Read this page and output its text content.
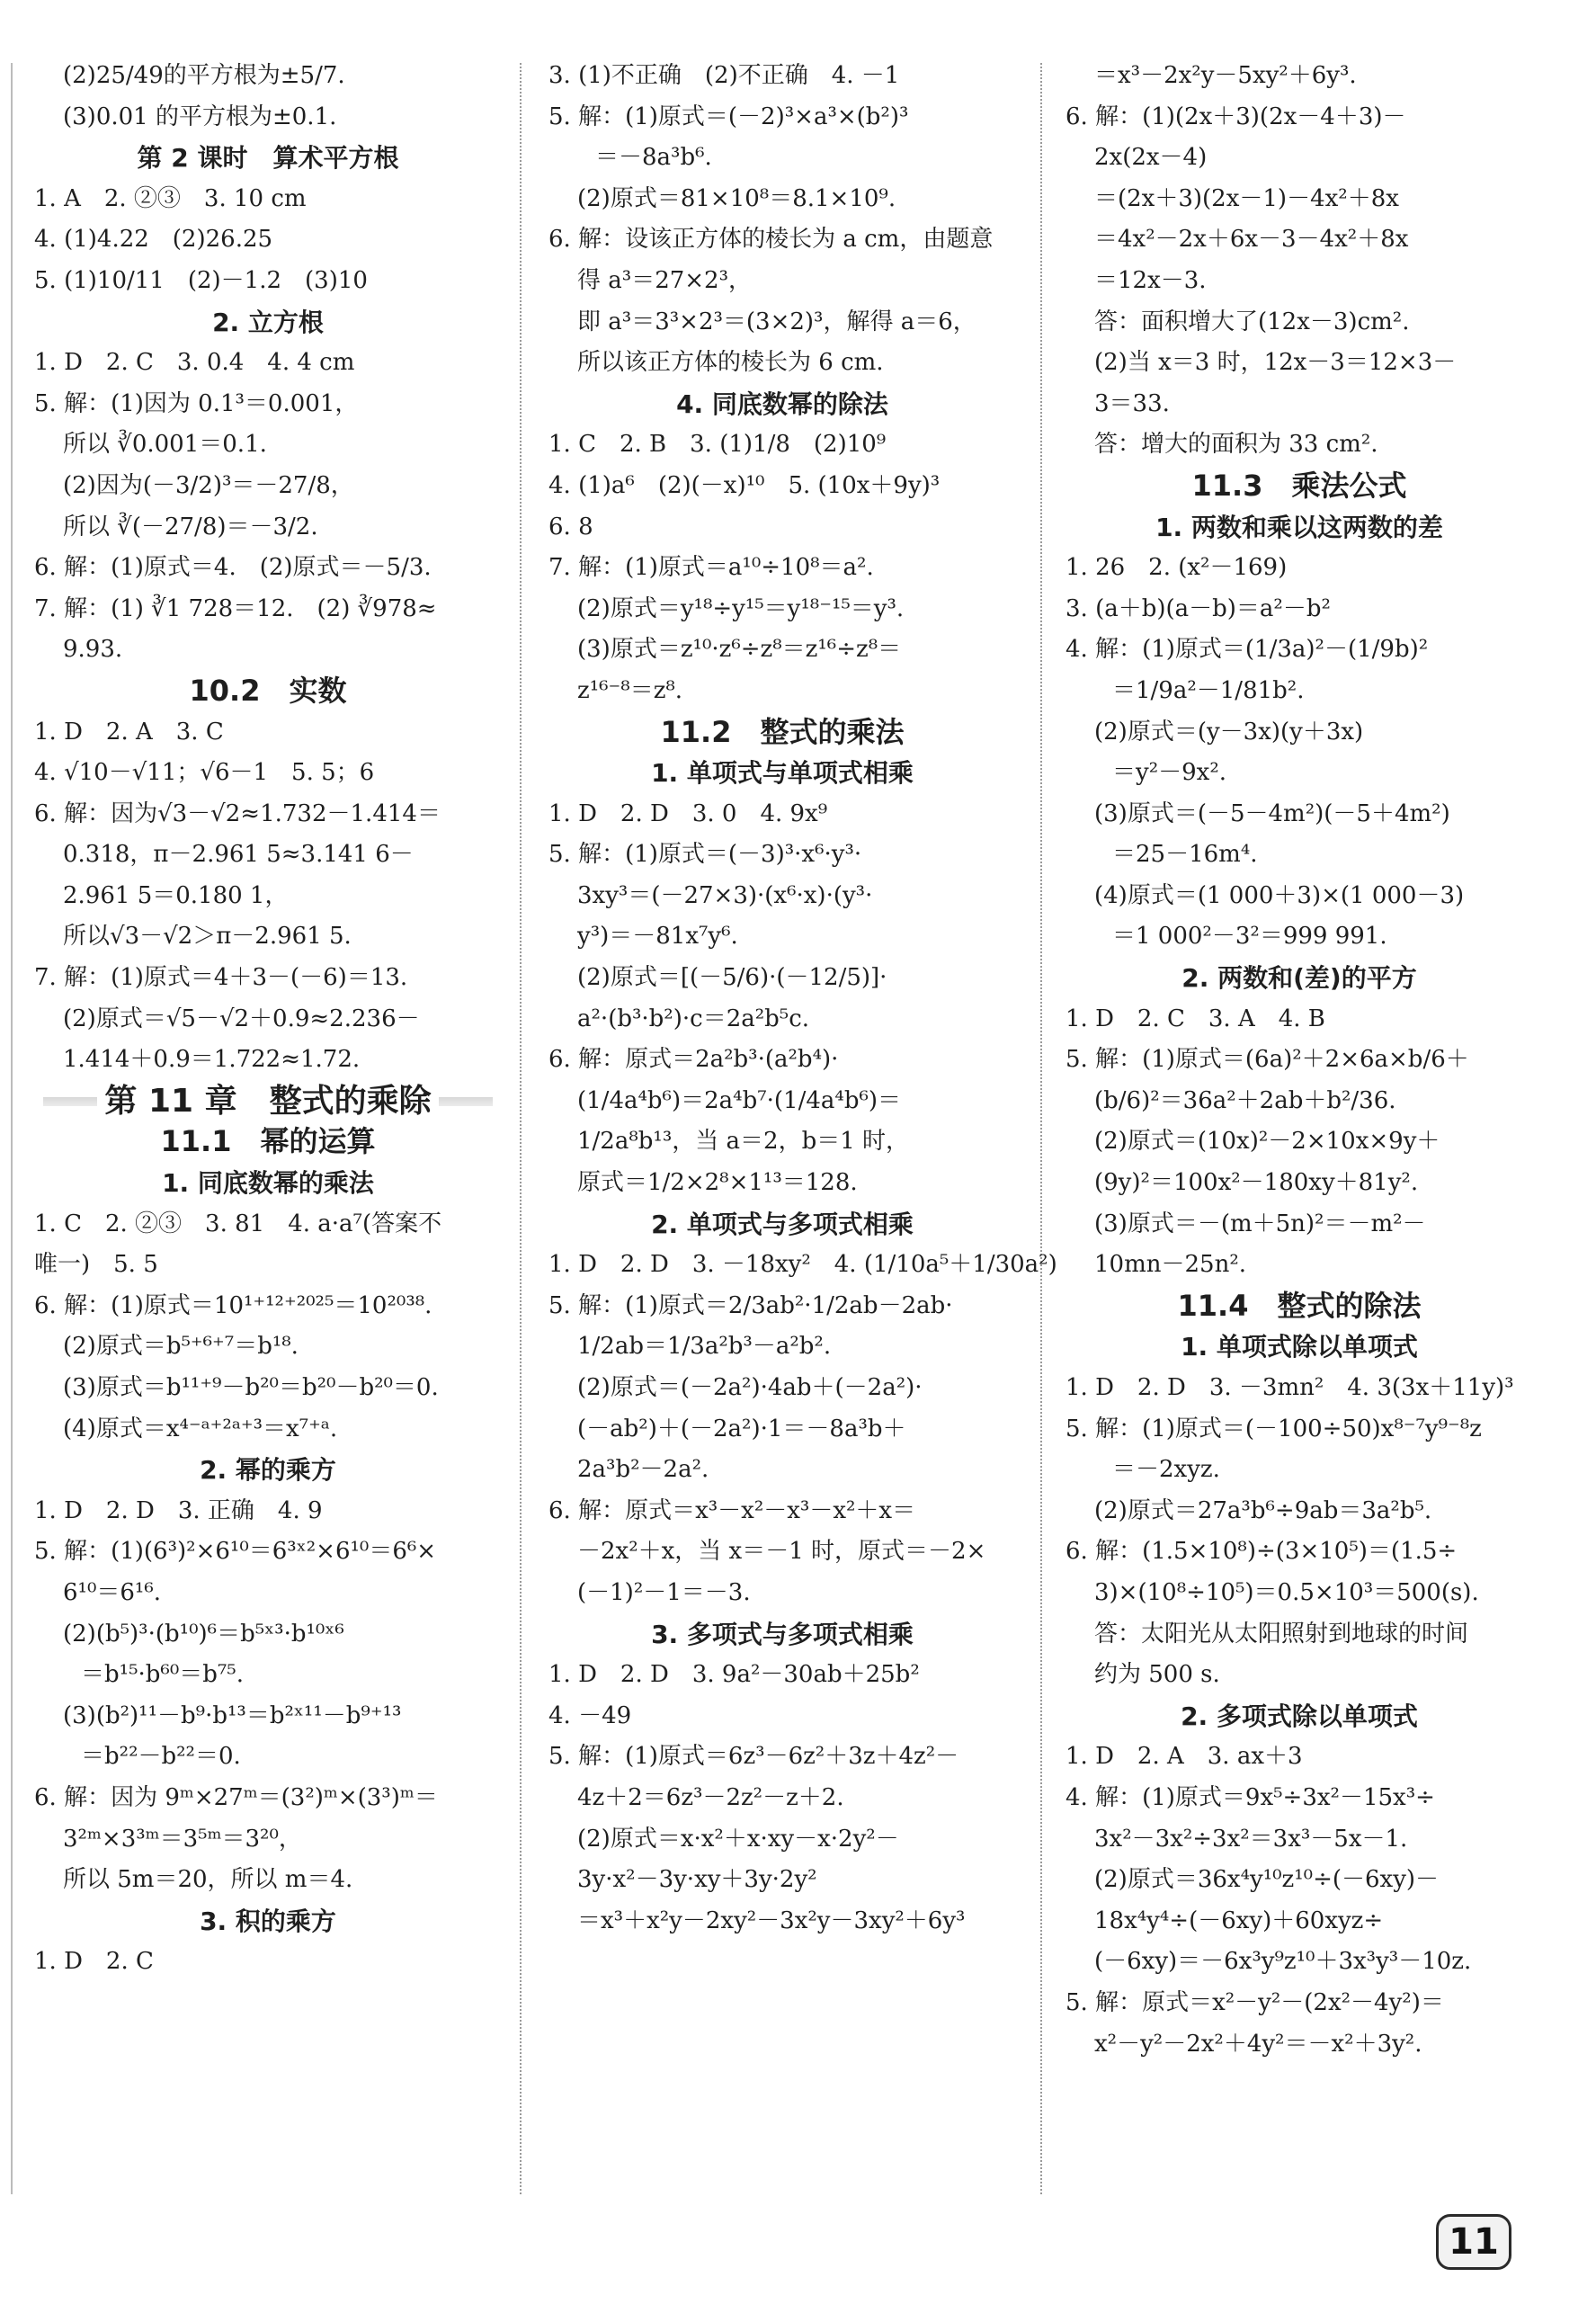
(2)25/49的平方根为±5/7.
(3)0.01 的平方根为±0.1.
第 2 课时　算术平方根
1. A　2. ②③　3. 10 cm
4. (1)4.22　(2)26.25
5. (1)10/11　(2)－1.2　(3)10
2. 立方根
1. D　2. C　3. 0.4　4. 4 cm
5. 解：(1)因为 0.1³＝0.001，
所以 ∛0.001＝0.1.
(2)因为(－3/2)³＝－27/8，
所以 ∛(－27/8)＝－3/2.
6. 解：(1)原式＝4.　(2)原式＝－5/3.
7. 解：(1) ∛1 728＝12.　(2) ∛978≈
9.93.
10.2　实数
1. D　2. A　3. C
4. √10－√11；√6－1　5. 5；6
6. 解：因为√3－√2≈1.732－1.414＝
0.318，π－2.961 5≈3.141 6－
2.961 5＝0.180 1，
所以√3－√2＞π－2.961 5.
7. 解：(1)原式＝4＋3－(－6)＝13.
(2)原式＝√5－√2＋0.9≈2.236－
1.414＋0.9＝1.722≈1.72.
第 11 章　整式的乘除
11.1　幂的运算
1. 同底数幂的乘法
1. C　2. ②③　3. 81　4. a·a⁷(答案不
唯一)　5. 5
6. 解：(1)原式＝10¹⁺¹²⁺²⁰²⁵＝10²⁰³⁸.
(2)原式＝b⁵⁺⁶⁺⁷＝b¹⁸.
(3)原式＝b¹¹⁺⁹－b²⁰＝b²⁰－b²⁰＝0.
(4)原式＝x⁴⁻ᵃ⁺²ᵃ⁺³＝x⁷⁺ᵃ.
2. 幂的乘方
1. D　2. D　3. 正确　4. 9
5. 解：(1)(6³)²×6¹⁰＝6³ˣ²×6¹⁰＝6⁶×
6¹⁰＝6¹⁶.
(2)(b⁵)³·(b¹⁰)⁶＝b⁵ˣ³·b¹⁰ˣ⁶
＝b¹⁵·b⁶⁰＝b⁷⁵.
(3)(b²)¹¹－b⁹·b¹³＝b²ˣ¹¹－b⁹⁺¹³
＝b²²－b²²＝0.
6. 解：因为 9ᵐ×27ᵐ＝(3²)ᵐ×(3³)ᵐ＝
3²ᵐ×3³ᵐ＝3⁵ᵐ＝3²⁰，
所以 5m＝20，所以 m＝4.
3. 积的乘方
1. D　2. C
3. (1)不正确　(2)不正确　4. －1
5. 解：(1)原式＝(－2)³×a³×(b²)³
＝－8a³b⁶.
(2)原式＝81×10⁸＝8.1×10⁹.
6. 解：设该正方体的棱长为 a cm，由题意
得 a³＝27×2³，
即 a³＝3³×2³＝(3×2)³，解得 a＝6，
所以该正方体的棱长为 6 cm.
4. 同底数幂的除法
1. C　2. B　3. (1)1/8　(2)10⁹
4. (1)a⁶　(2)(－x)¹⁰　5. (10x＋9y)³
6. 8
7. 解：(1)原式＝a¹⁰÷10⁸＝a².
(2)原式＝y¹⁸÷y¹⁵＝y¹⁸⁻¹⁵＝y³.
(3)原式＝z¹⁰·z⁶÷z⁸＝z¹⁶÷z⁸＝
z¹⁶⁻⁸＝z⁸.
11.2　整式的乘法
1. 单项式与单项式相乘
1. D　2. D　3. 0　4. 9x⁹
5. 解：(1)原式＝(－3)³·x⁶·y³·
3xy³＝(－27×3)·(x⁶·x)·(y³·
y³)＝－81x⁷y⁶.
(2)原式＝[(－5/6)·(－12/5)]·
a²·(b³·b²)·c＝2a²b⁵c.
6. 解：原式＝2a²b³·(a²b⁴)·
(1/4a⁴b⁶)＝2a⁴b⁷·(1/4a⁴b⁶)＝
1/2a⁸b¹³，当 a＝2，b＝1 时，
原式＝1/2×2⁸×1¹³＝128.
2. 单项式与多项式相乘
1. D　2. D　3. －18xy²　4. (1/10a⁵＋1/30a²)
5. 解：(1)原式＝2/3ab²·1/2ab－2ab·
1/2ab＝1/3a²b³－a²b².
(2)原式＝(－2a²)·4ab＋(－2a²)·
(－ab²)＋(－2a²)·1＝－8a³b＋
2a³b²－2a².
6. 解：原式＝x³－x²－x³－x²＋x＝
－2x²＋x，当 x＝－1 时，原式＝－2×
(－1)²－1＝－3.
3. 多项式与多项式相乘
1. D　2. D　3. 9a²－30ab＋25b²
4. －49
5. 解：(1)原式＝6z³－6z²＋3z＋4z²－
4z＋2＝6z³－2z²－z＋2.
(2)原式＝x·x²＋x·xy－x·2y²－
3y·x²－3y·xy＋3y·2y²
＝x³＋x²y－2xy²－3x²y－3xy²＋6y³
＝x³－2x²y－5xy²＋6y³.
6. 解：(1)(2x＋3)(2x－4＋3)－
2x(2x－4)
＝(2x＋3)(2x－1)－4x²＋8x
＝4x²－2x＋6x－3－4x²＋8x
＝12x－3.
答：面积增大了(12x－3)cm².
(2)当 x＝3 时，12x－3＝12×3－
3＝33.
答：增大的面积为 33 cm².
11.3　乘法公式
1. 两数和乘以这两数的差
1. 26　2. (x²－169)
3. (a＋b)(a－b)＝a²－b²
4. 解：(1)原式＝(1/3a)²－(1/9b)²
＝1/9a²－1/81b².
(2)原式＝(y－3x)(y＋3x)
＝y²－9x².
(3)原式＝(－5－4m²)(－5＋4m²)
＝25－16m⁴.
(4)原式＝(1 000＋3)×(1 000－3)
＝1 000²－3²＝999 991.
2. 两数和(差)的平方
1. D　2. C　3. A　4. B
5. 解：(1)原式＝(6a)²＋2×6a×b/6＋
(b/6)²＝36a²＋2ab＋b²/36.
(2)原式＝(10x)²－2×10x×9y＋
(9y)²＝100x²－180xy＋81y².
(3)原式＝－(m＋5n)²＝－m²－
10mn－25n².
11.4　整式的除法
1. 单项式除以单项式
1. D　2. D　3. －3mn²　4. 3(3x＋11y)³
5. 解：(1)原式＝(－100÷50)x⁸⁻⁷y⁹⁻⁸z
＝－2xyz.
(2)原式＝27a³b⁶÷9ab＝3a²b⁵.
6. 解：(1.5×10⁸)÷(3×10⁵)＝(1.5÷
3)×(10⁸÷10⁵)＝0.5×10³＝500(s).
答：太阳光从太阳照射到地球的时间
约为 500 s.
2. 多项式除以单项式
1. D　2. A　3. ax＋3
4. 解：(1)原式＝9x⁵÷3x²－15x³÷
3x²－3x²÷3x²＝3x³－5x－1.
(2)原式＝36x⁴y¹⁰z¹⁰÷(－6xy)－
18x⁴y⁴÷(－6xy)＋60xyz÷
(－6xy)＝－6x³y⁹z¹⁰＋3x³y³－10z.
5. 解：原式＝x²－y²－(2x²－4y²)＝
x²－y²－2x²＋4y²＝－x²＋3y².
11
